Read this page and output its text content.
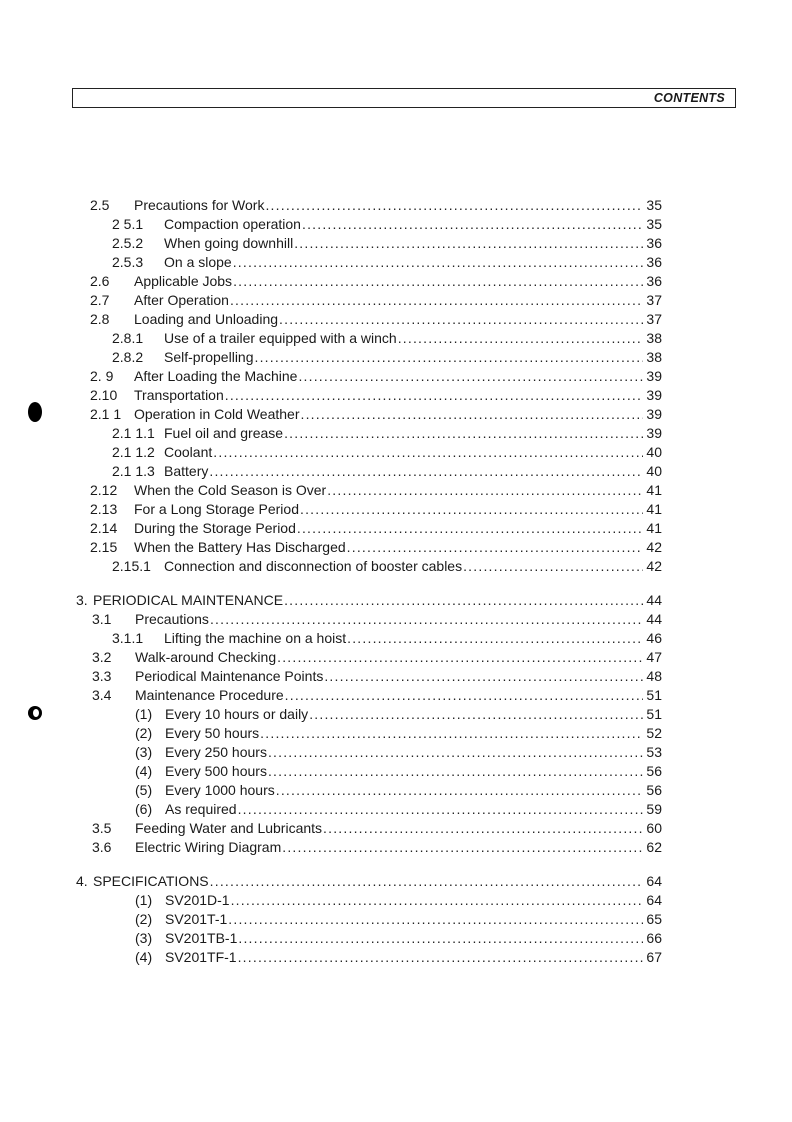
CONTENTS
2.5	Precautions for Work .....	35
2 5.1	Compaction operation .....	35
2.5.2	When going downhill .....	36
2.5.3	On a slope .....	36
2.6	Applicable Jobs .....	36
2.7	After Operation .....	37
2.8	Loading and Unloading .....	37
2.8.1	Use of a trailer equipped with a winch .....	38
2.8.2	Self-propelling .....	38
2. 9	After Loading the Machine .....	39
2.10	Transportation .....	39
2.1 1 Operation in Cold Weather .....	39
2.1 1.1 Fuel oil and grease .....	39
2.1 1.2 Coolant .....	40
2.1 1.3 Battery .....	40
2.12	When the Cold Season is Over .....	41
2.13	For a Long Storage Period .....	41
2.14	During the Storage Period .....	41
2.15	When the Battery Has Discharged .....	42
2.15.1 Connection and disconnection of booster cables .....	42
3. PERIODICAL MAINTENANCE .....	44
3.1	Precautions .....	44
3.1.1	Lifting the machine on a hoist .....	46
3.2	Walk-around Checking .....	47
3.3	Periodical Maintenance Points .....	48
3.4	Maintenance Procedure .....	51
(1) Every 10 hours or daily .....	51
(2) Every 50 hours .....	52
(3) Every 250 hours .....	53
(4) Every 500 hours .....	56
(5) Every 1000 hours .....	56
(6) As required .....	59
3.5	Feeding Water and Lubricants .....	60
3.6	Electric Wiring Diagram .....	62
4. SPECIFICATIONS .....	64
(1) SV201D-1 .....	64
(2) SV201T-1 .....	65
(3) SV201TB-1 .....	66
(4) SV201TF-1 .....	67
